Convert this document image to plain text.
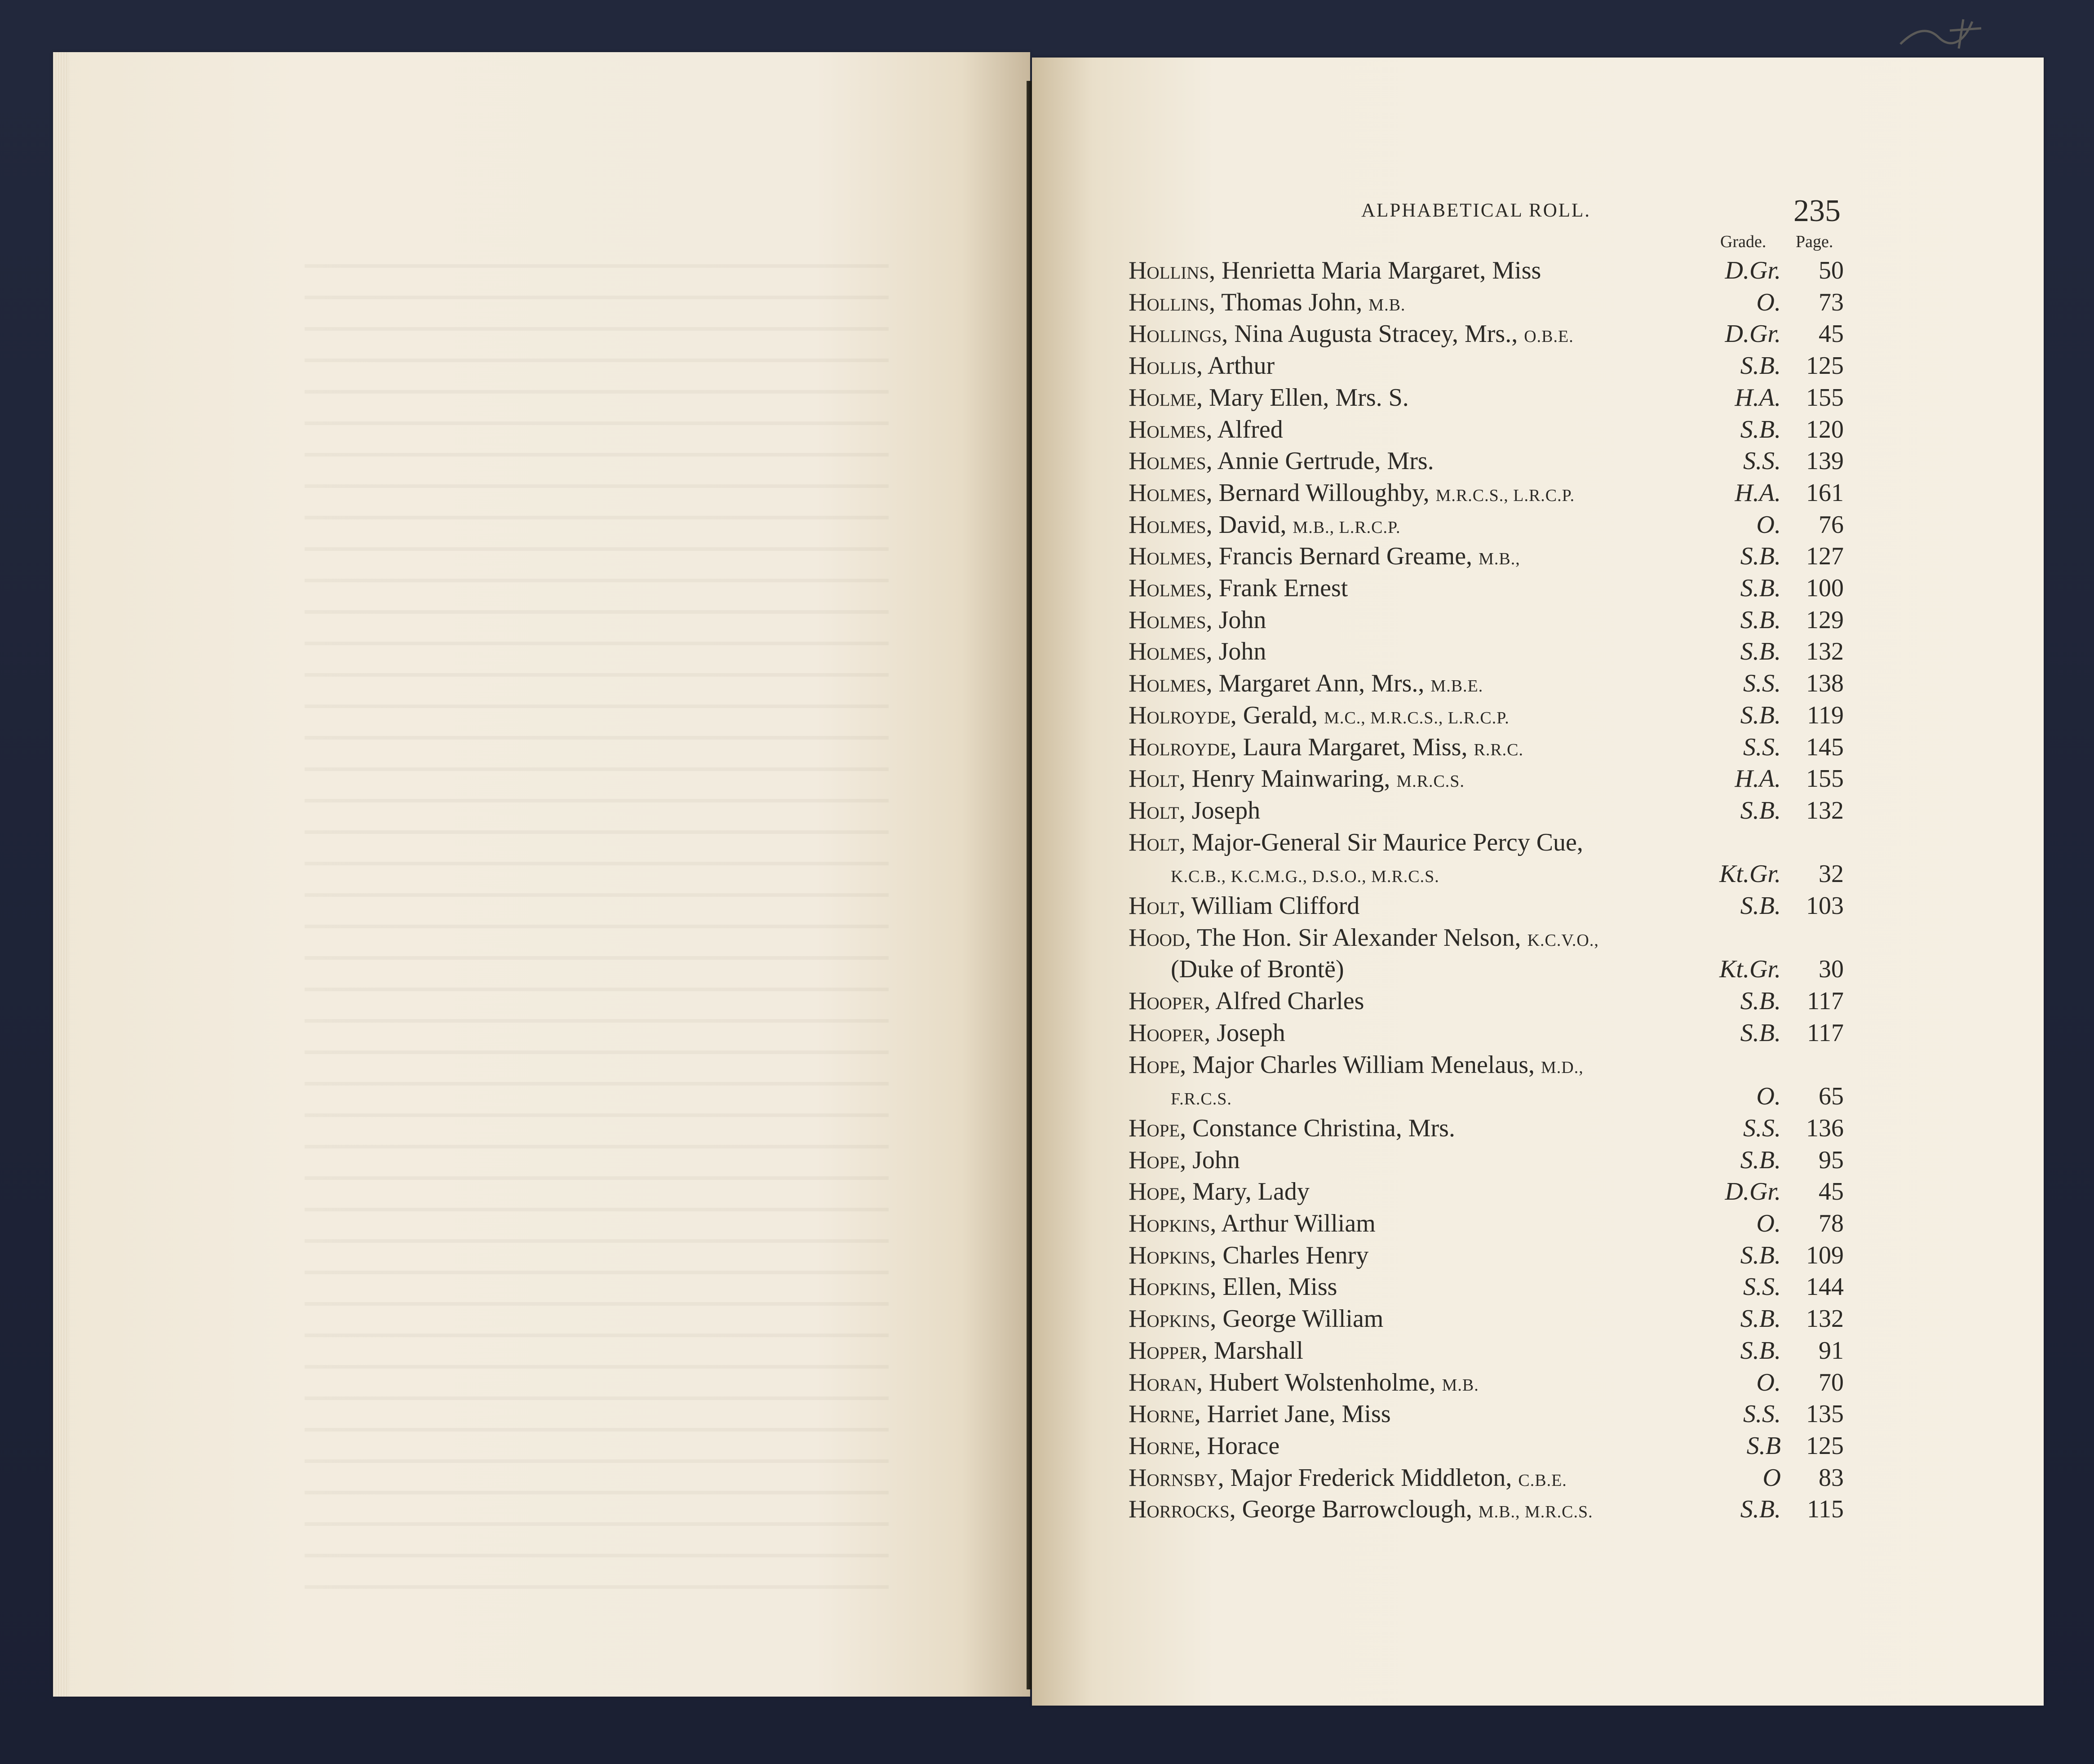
ALPHABETICAL ROLL.	235
Grade. Page.
Hollins, Henrietta Maria Margaret, Miss	D.Gr. 50
Hollins, Thomas John, M.B.	O. 73
Hollings, Nina Augusta Stracey, Mrs., O.B.E.	D.Gr. 45
Hollis, Arthur	S.B. 125
Holme, Mary Ellen, Mrs. S.	H.A. 155
Holmes, Alfred	S.B. 120
Holmes, Annie Gertrude, Mrs.	S.S. 139
Holmes, Bernard Willoughby, M.R.C.S., L.R.C.P.	H.A. 161
Holmes, David, M.B., L.R.C.P.	O. 76
Holmes, Francis Bernard Greame, M.B.,	S.B. 127
Holmes, Frank Ernest	S.B. 100
Holmes, John	S.B. 129
Holmes, John	S.B. 132
Holmes, Margaret Ann, Mrs., M.B.E.	S.S. 138
Holroyde, Gerald, M.C., M.R.C.S., L.R.C.P.	S.B. 119
Holroyde, Laura Margaret, Miss, R.R.C.	S.S. 145
Holt, Henry Mainwaring, M.R.C.S.	H.A. 155
Holt, Joseph	S.B. 132
Holt, Major-General Sir Maurice Percy Cue,
K.C.B., K.C.M.G., D.S.O., M.R.C.S.	Kt.Gr. 32
Holt, William Clifford	S.B. 103
Hood, The Hon. Sir Alexander Nelson, K.C.V.O.,
(Duke of Brontë)	Kt.Gr. 30
Hooper, Alfred Charles	S.B. 117
Hooper, Joseph	S.B. 117
Hope, Major Charles William Menelaus, M.D.,
F.R.C.S.	O. 65
Hope, Constance Christina, Mrs.	S.S. 136
Hope, John	S.B. 95
Hope, Mary, Lady	D.Gr. 45
Hopkins, Arthur William	O. 78
Hopkins, Charles Henry	S.B. 109
Hopkins, Ellen, Miss	S.S. 144
Hopkins, George William	S.B. 132
Hopper, Marshall	S.B. 91
Horan, Hubert Wolstenholme, M.B.	O. 70
Horne, Harriet Jane, Miss	S.S. 135
Horne, Horace	S.B 125
Hornsby, Major Frederick Middleton, C.B.E.	O 83
Horrocks, George Barrowclough, M.B., M.R.C.S.	S.B. 115
